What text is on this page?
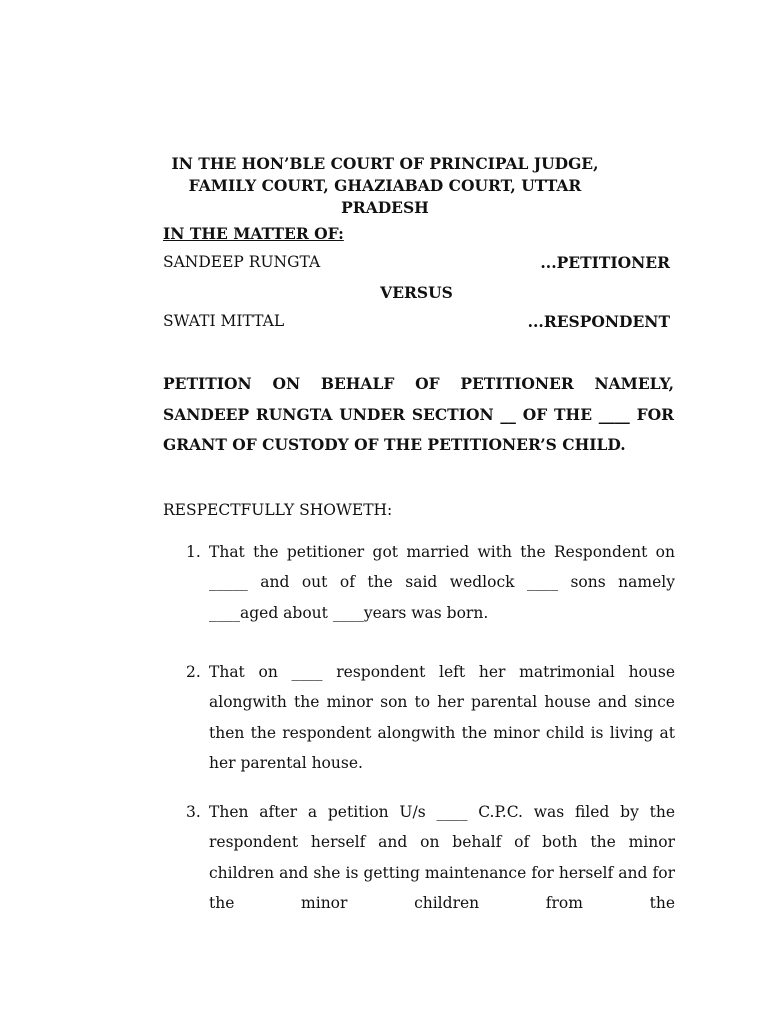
IN THE HON’BLE COURT OF PRINCIPAL JUDGE,
FAMILY COURT, GHAZIABAD COURT, UTTAR
PRADESH
IN THE MATTER OF:
SANDEEP RUNGTA	...PETITIONER
VERSUS
SWATI MITTAL	...RESPONDENT
PETITION ON BEHALF OF PETITIONER NAMELY, SANDEEP RUNGTA UNDER SECTION __ OF THE ____ FOR GRANT OF CUSTODY OF THE PETITIONER’S CHILD.
RESPECTFULLY SHOWETH:
1. That the petitioner got married with the Respondent on _____ and out of the said wedlock ____ sons namely ____aged about ____years was born.
2. That on ____ respondent left her matrimonial house alongwith the minor son to her parental house and since then the respondent alongwith the minor child is living at her parental house.
3. Then after a petition U/s ____ C.P.C. was filed by the respondent herself and on behalf of both the minor children and she is getting maintenance for herself and for the minor children from the
